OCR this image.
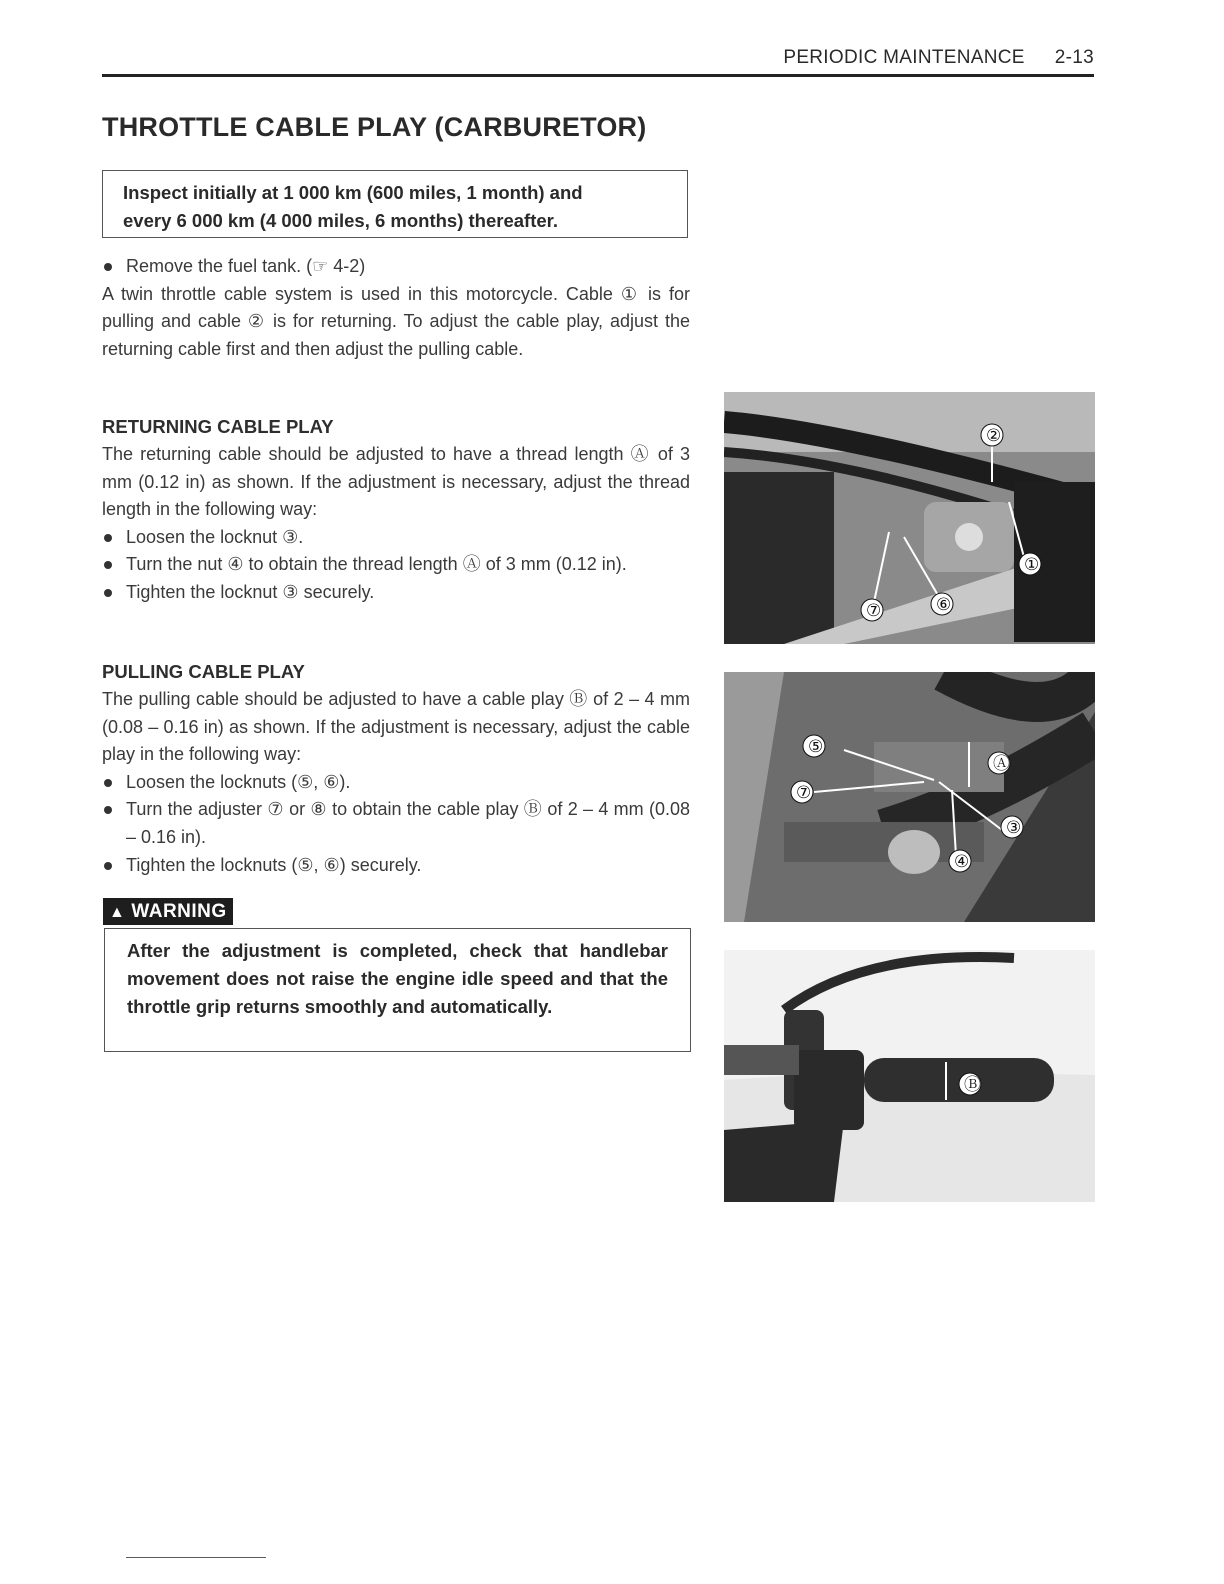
PERIODIC MAINTENANCE 2-13
THROTTLE CABLE PLAY (CARBURETOR)
Inspect initially at 1 000 km (600 miles, 1 month) and
every 6 000 km (4 000 miles, 6 months) thereafter.
Remove the fuel tank. (☞ 4-2)
A twin throttle cable system is used in this motorcycle. Cable ① is for pulling and cable ② is for returning. To adjust the cable play, adjust the returning cable first and then adjust the pulling cable.
RETURNING CABLE PLAY
The returning cable should be adjusted to have a thread length Ⓐ of 3 mm (0.12 in) as shown. If the adjustment is necessary, adjust the thread length in the following way:
Loosen the locknut ③.
Turn the nut ④ to obtain the thread length Ⓐ of 3 mm (0.12 in).
Tighten the locknut ③ securely.
PULLING CABLE PLAY
The pulling cable should be adjusted to have a cable play Ⓑ of 2 – 4 mm (0.08 – 0.16 in) as shown. If the adjustment is necessary, adjust the cable play in the following way:
Loosen the locknuts (⑤, ⑥).
Turn the adjuster ⑦ or ⑧ to obtain the cable play Ⓑ of 2 – 4 mm (0.08 – 0.16 in).
Tighten the locknuts (⑤, ⑥) securely.
▲ WARNING
After the adjustment is completed, check that handlebar movement does not raise the engine idle speed and that the throttle grip returns smoothly and automatically.
②
①
⑦	⑥
⑤
⑦
Ⓐ
③
④
Ⓑ
